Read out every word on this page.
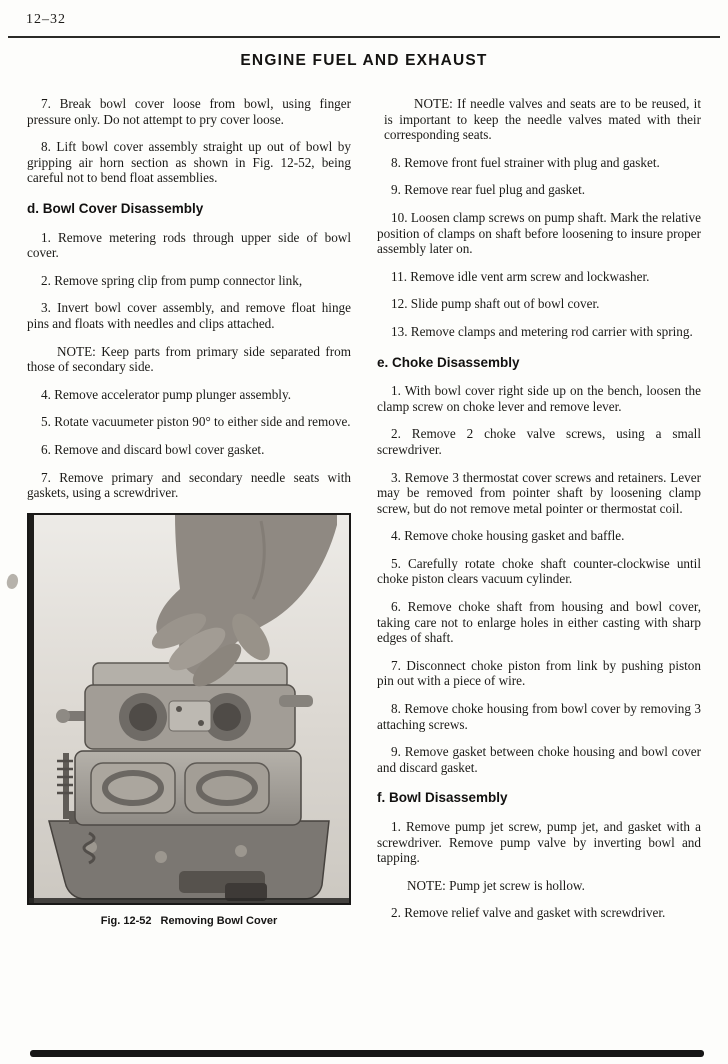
12–32
ENGINE FUEL AND EXHAUST

7. Break bowl cover loose from bowl, using finger pressure only. Do not attempt to pry cover loose.

8. Lift bowl cover assembly straight up out of bowl by gripping air horn section as shown in Fig. 12-52, being careful not to bend float assemblies.

d. Bowl Cover Disassembly

1. Remove metering rods through upper side of bowl cover.

2. Remove spring clip from pump connector link,

3. Invert bowl cover assembly, and remove float hinge pins and floats with needles and clips attached.

NOTE: Keep parts from primary side separated from those of secondary side.

4. Remove accelerator pump plunger assembly.

5. Rotate vacuumeter piston 90° to either side and remove.

6. Remove and discard bowl cover gasket.

7. Remove primary and secondary needle seats with gaskets, using a screwdriver.

Fig. 12-52 Removing Bowl Cover

NOTE: If needle valves and seats are to be reused, it is important to keep the needle valves mated with their corresponding seats.

8. Remove front fuel strainer with plug and gasket.

9. Remove rear fuel plug and gasket.

10. Loosen clamp screws on pump shaft. Mark the relative position of clamps on shaft before loosening to insure proper assembly later on.

11. Remove idle vent arm screw and lockwasher.

12. Slide pump shaft out of bowl cover.

13. Remove clamps and metering rod carrier with spring.

e. Choke Disassembly

1. With bowl cover right side up on the bench, loosen the clamp screw on choke lever and remove lever.

2. Remove 2 choke valve screws, using a small screwdriver.

3. Remove 3 thermostat cover screws and retainers. Lever may be removed from pointer shaft by loosening clamp screw, but do not remove metal pointer or thermostat coil.

4. Remove choke housing gasket and baffle.

5. Carefully rotate choke shaft counter-clockwise until choke piston clears vacuum cylinder.

6. Remove choke shaft from housing and bowl cover, taking care not to enlarge holes in either casting with sharp edges of shaft.

7. Disconnect choke piston from link by pushing piston pin out with a piece of wire.

8. Remove choke housing from bowl cover by removing 3 attaching screws.

9. Remove gasket between choke housing and bowl cover and discard gasket.

f. Bowl Disassembly

1. Remove pump jet screw, pump jet, and gasket with a screwdriver. Remove pump valve by inverting bowl and tapping.

NOTE: Pump jet screw is hollow.

2. Remove relief valve and gasket with screwdriver.
